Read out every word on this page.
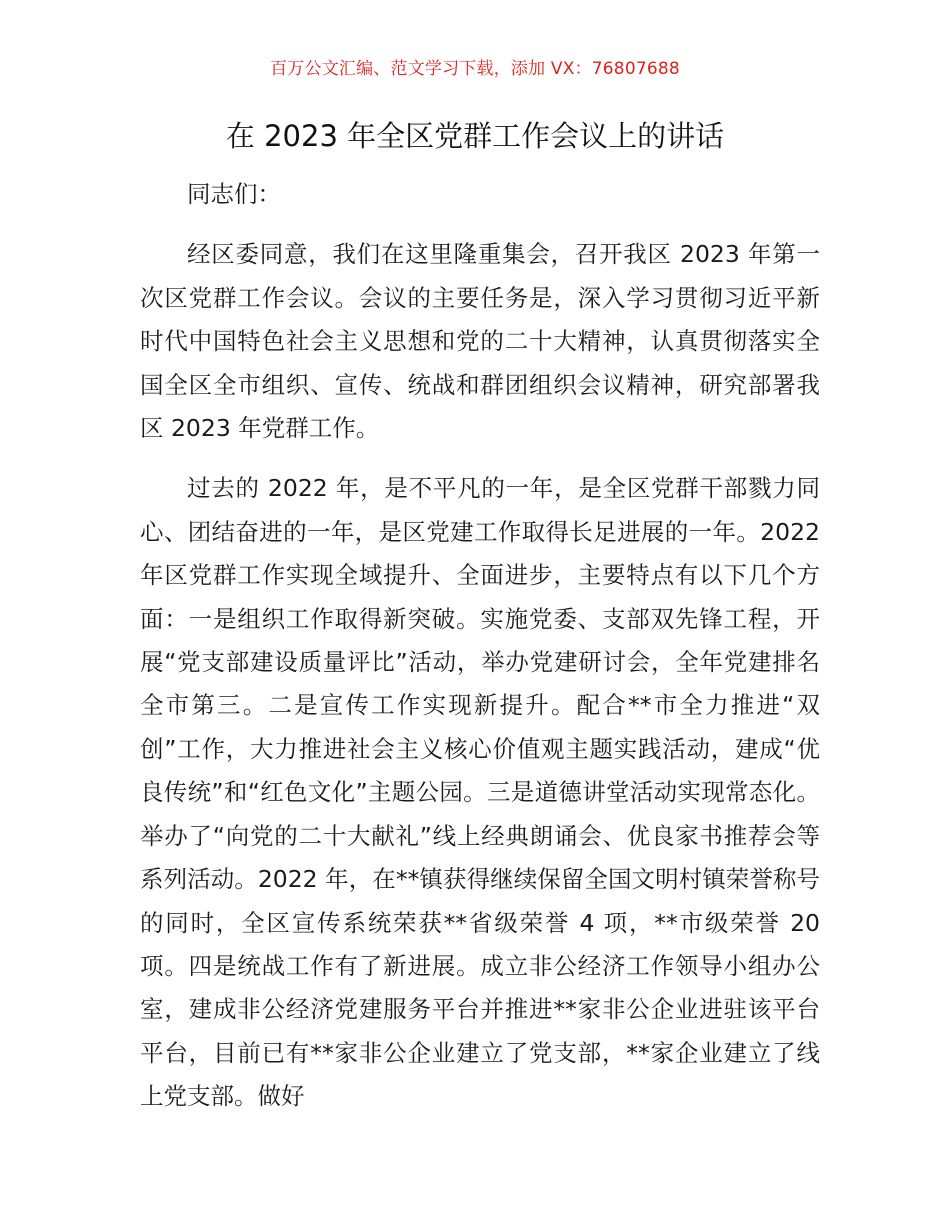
百万公文汇编、范文学习下载，添加 VX：76807688
在 2023 年全区党群工作会议上的讲话

同志们：

经区委同意，我们在这里隆重集会，召开我区 2023 年第一次区党群工作会议。会议的主要任务是，深入学习贯彻习近平新时代中国特色社会主义思想和党的二十大精神，认真贯彻落实全国全区全市组织、宣传、统战和群团组织会议精神，研究部署我区 2023 年党群工作。

过去的 2022 年，是不平凡的一年，是全区党群干部戮力同心、团结奋进的一年，是区党建工作取得长足进展的一年。2022 年区党群工作实现全域提升、全面进步，主要特点有以下几个方面：一是组织工作取得新突破。实施党委、支部双先锋工程，开展“党支部建设质量评比”活动，举办党建研讨会，全年党建排名全市第三。二是宣传工作实现新提升。配合**市全力推进“双创”工作，大力推进社会主义核心价值观主题实践活动，建成“优良传统”和“红色文化”主题公园。三是道德讲堂活动实现常态化。举办了“向党的二十大献礼”线上经典朗诵会、优良家书推荐会等系列活动。2022 年，在**镇获得继续保留全国文明村镇荣誉称号的同时，全区宣传系统荣获**省级荣誉 4 项，**市级荣誉 20 项。四是统战工作有了新进展。成立非公经济工作领导小组办公室，建成非公经济党建服务平台并推进**家非公企业进驻该平台平台，目前已有**家非公企业建立了党支部，**家企业建立了线上党支部。做好
